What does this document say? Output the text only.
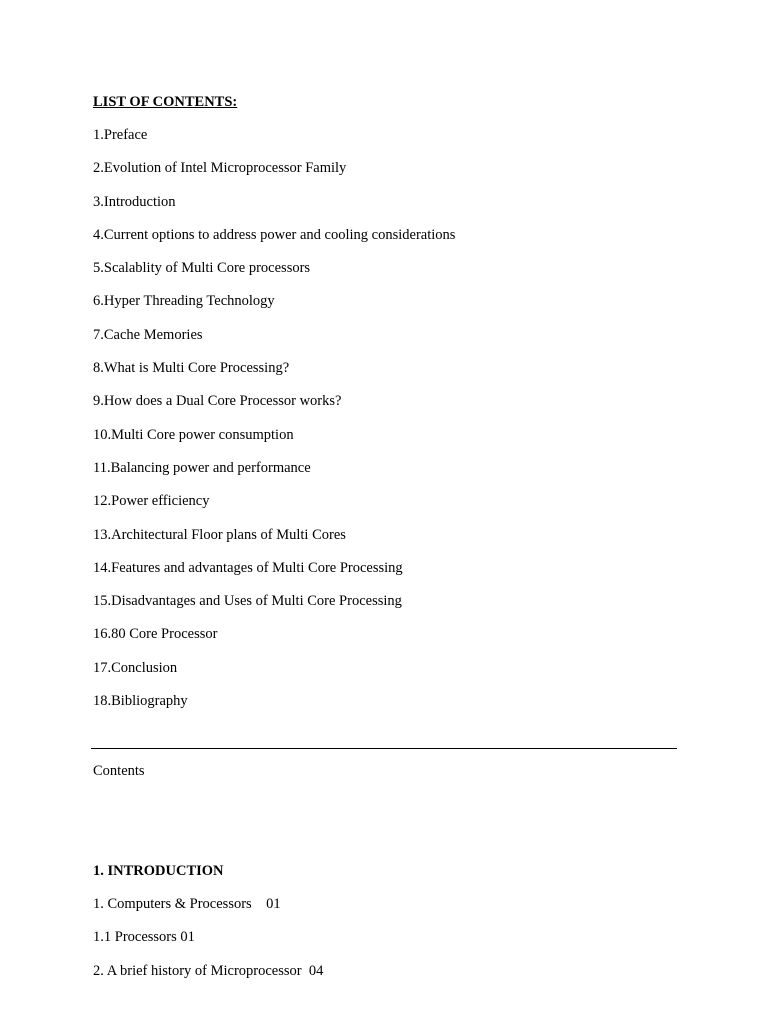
LIST OF CONTENTS:
1.Preface
2.Evolution of Intel Microprocessor Family
3.Introduction
4.Current options to address power and cooling considerations
5.Scalablity of Multi Core processors
6.Hyper Threading Technology
7.Cache Memories
8.What is Multi Core Processing?
9.How does a Dual Core Processor works?
10.Multi Core power consumption
11.Balancing power and performance
12.Power efficiency
13.Architectural Floor plans of Multi Cores
14.Features and advantages of Multi Core Processing
15.Disadvantages and Uses of Multi Core Processing
16.80 Core Processor
17.Conclusion
18.Bibliography
Contents
1. INTRODUCTION
1. Computers & Processors    01
1.1 Processors 01
2. A brief history of Microprocessor  04
